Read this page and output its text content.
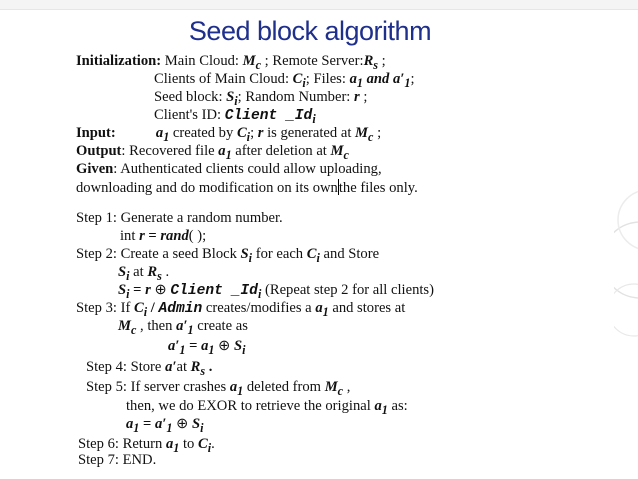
Seed block algorithm
Initialization: Main Cloud: $M_c$ ; Remote $Server:R_s$ ;
Clients of Main Cloud: $C_i$; Files: $a_1$ and $a'_1$;
Seed block: $S_i$; Random Number: r ;
Client's ID: Client $\_Id_i$
Input:	$a_1$ created by $C_i$; r is generated at $M_c$ ;
Output: Recovered file $a_1$ after deletion at $M_c$
Given: Authenticated clients could allow uploading,
downloading and do modification on its ownthe files only.
Step 1: Generate a random number.
int r = rand( );
Step 2: Create a seed Block $S_i$ for each $C_i$ and Store
$S_i$ at $R_s$ .
$S_i = r$ ⊕ Client $\_Id_i$ (Repeat step 2 for all clients)
Step 3: If $C_i$ / Admin creates/modifies a $a_1$ and stores at
$M_c$ , then $a'_1$ create as
$a'_1 = a_1$ ⊕ $S_i$
Step 4: Store a′at $R_s$ .
Step 5: If server crashes $a_1$ deleted from $M_c$ ,
then, we do EXOR to retrieve the original $a_1$ as:
$a_1 = a'_1$ ⊕ $S_i$
Step 6: Return $a_1$ to $C_i$.
Step 7: END.
